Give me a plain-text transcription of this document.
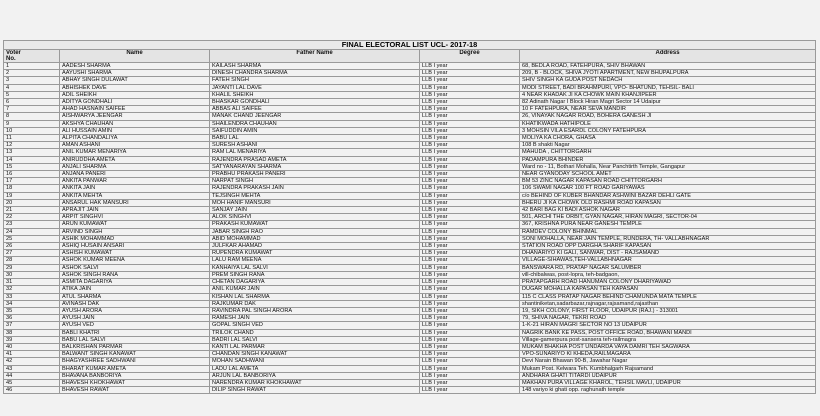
FINAL ELECTORAL LIST UCL- 2017-18				

Voter
No.	Name	Father Name	Degree	Address
1	AADESH SHARMA	KAILASH SHARMA	LLB I year	68, BEDLA ROAD, FATEHPURA, SHIV BHAWAN
2	AAYUSHI SHARMA	DINESH CHANDRA SHARMA	LLB I year	209, B - BLOCK, SHIVA JYOTI APARTMENT, NEW BHUPALPURA
3	ABHAY SINGH DULAWAT	FATEH SINGH	LLB I year	SHIV SINGH KA GUDA POST NEDACH
4	ABHISHEK DAVE	JAYANTI LAL DAVE	LLB I year	MODI STREET, BADI BRAHMPURI, VPO- BHATUND, TEHSIL- BALI
5	ADIL SHEIKH	KHALIL SHEIKH	LLB I year	4 NEAR KHADAK JI KA CHOWK MAIN KHANJIPEER
6	ADITYA GONDHALI	BHASKAR GONDHALI	LLB I year	82 Adinath Nagar I Block Hiran Magri Sector 14 Udaipur
7	AHAD HASNAIN SAIFEE	ABBAS ALI SAIFEE	LLB I year	10 F FATEHPURA, NEAR SEVA MANDIR
8	AISHWARYA JEENGAR	MANAK CHAND JEENGAR	LLB I year	26, VINAYAK NAGAR ROAD, BOHERA GANESH JI
9	AKSHYA CHAUHAN	SHAILENDRA CHAUHAN	LLB I year	KHATIKWADA HATHIPOLE
10	ALI HUSSAIN AMIN	SAIFUDDIN AMIN	LLB I year	3 MOHSIN VILA ESARDL COLONY FATEHPURA
11	ALPITA CHANDALIYA	BABU LAL	LLB I year	MOLIYA KA CHORA, GHASA
12	AMAN ASHANI	SURESH ASHANI	LLB I year	108 B shakti Nagar
13	ANIL KUMAR MENARIYA	RAM LAL MENARIYA	LLB I year	MAHUDA , CHITTORGARH
14	ANIRUDDHA AMETA	RAJENDRA PRASAD AMETA	LLB I year	PADAMPURA BHINDER
15	ANJALI SHARMA	SATYANARAYAN SHARMA	LLB I year	Ward no - 11, Bothari Mohalla, Near Panchtirth Temple, Gangapur
16	ANJANA PANERI	PRABHU PRAKASH PANERI	LLB I year	NEAR GYANODAY SCHOOL AMET
17	ANKITA PANWAR	NARPAT SINGH	LLB I year	BM 53 ZINC NAGAR KAPASAN ROAD CHITTORGARH
18	ANKITA JAIN	RAJENDRA PRAKASH JAIN	LLB I year	106 SWAMI NAGAR 100 FT ROAD GARIYAWAS
19	ANKITA MEHTA	TEJSINGH MEHTA	LLB I year	c/o BEHIND OF KUBER BHANDAR ASHWINI BAZAR DEHLI GATE
20	ANSARUL HAK MANSURI	MOH HANIF MANSURI	LLB I year	BHERU JI KA CHOWK OLD RASHMI ROAD KAPASAN
21	APRAJIT JAIN	SANJAY JAIN	LLB I year	42 BARI BAG KI BADI ASHOK NAGAR
22	ARPIT SINGHVI	ALOK SINGHVI	LLB I year	501, ARCHI THE ORBIT, GYAN NAGAR, HIRAN MAGRI, SECTOR-04
23	ARUN KUMAWAT	PRAKASH KUMAWAT	LLB I year	367, KRISHNA PURA NEAR GANESH TEMPLE
24	ARVIND SINGH	JABAR SINGH RAO	LLB I year	RAMDEV COLONY BHINMAL
25	ASHIK MOHAMMAD	ABID MOHAMMAD	LLB I year	SONI MOHALLA, NEAR JAIN TEMPLE, RUNDERA, TH- VALLABHNAGAR
26	ASHIQ HUSAIN ANSARI	JULFKAR AHAMAD	LLB I year	STATION ROAD OPP DARGHA SHARIF KAPASAN
27	ASHISH KUMAWAT	RUPENDRA KUMAWAT	LLB I year	DHANARIYO KI GALI, SANWAR, DIST - RAJSAMAND
28	ASHOK KUMAR MEENA	LALU RAM MEENA	LLB I year	VILLAGE-SIHAWAS,TEH-VALLABHNAGAR
29	ASHOK SALVI	KANHAIYA LAL SALVI	LLB I year	BANSWARA RD, PRATAP NAGAR SALUMBER
30	ASHOK SINGH RANA	PREM SINGH RANA	LLB I year	vill-chibalwas, post-lopra, teh-badgaon,
31	ASMITA DAGARIYA	CHETAN DAGARIYA	LLB I year	PRATAPGARH ROAD HANUMAN COLONY DHARIYAWAD
32	ATIKA JAIN	ANIL KUMAR JAIN	LLB I year	DUGAR MOHALLA KAPASAN TEH KAPASAN
33	ATUL SHARMA	KISHAN LAL SHARMA	LLB I year	115 C CLASS PRATAP NAGAR BEHIND CHAMUNDA MATA TEMPLE
34	AVINASH DAK	RAJKUMAR DAK	LLB I year	shantiniketan,sadarbazar,rajnagar,rajsamand,rajasthan
35	AYUSH ARORA	RAVINDRA PAL SINGH ARORA	LLB I year	19, SIKH COLONY, FIRST FLOOR, UDAIPUR (RAJ.) - 313001
36	AYUSH JAIN	RAMESH JAIN	LLB I year	79, SHIVA NAGAR, TEKRI ROAD
37	AYUSH VED	GOPAL SINGH VED	LLB I year	1-K-21 HIRAN MAGRI SECTOR NO 13 UDAIPUR
38	BABLI KHATRI	TRILOK CHAND	LLB I year	NAGRIK BANK KE PASS, POST OFFICE ROAD, BHAWANI MANDI
39	BABU LAL SALVI	BADRI LAL SALVI	LLB I year	Village-gamerpura post-sansera teh-railmagra
40	BALKRISHAN PARMAR	KANTI LAL PARMAR	LLB I year	MUKAM BHAKHA POST UNDARDA VAYA DAMRI TEH SAGWARA
41	BALWANT SINGH KANAWAT	CHANDAN SINGH KANAWAT	LLB I year	VPO-SUNARIYO KI KHEDA,RAILMAGARA
42	BHAGYASHREE SADHWANI	MOHAN SADHWANI	LLB I year	Devi Narain Bhawan 90-B, Jawahar Nagar
43	BHARAT KUMAR AMETA	LADU LAL AMETA	LLB I year	Mukam Post. Kelwara Teh. Kumbhalgarh Rajsamand
44	BHAVANA BANBORIYA	ARJUN LAL BANBORIYA	LLB I year	ANDHARA GHATI TITARDI UDAIPUR
45	BHAVESH KHOKHAWAT	NARENDRA KUMAR KHOKHAWAT	LLB I year	MAKHAN PURA VILLAGE KHAROL, TEHSIL MAVLI, UDAIPUR
46	BHAVESH RAWAT	DILIP SINGH RAWAT	LLB I year	148 variyo ki ghati opp. raghunath temple
